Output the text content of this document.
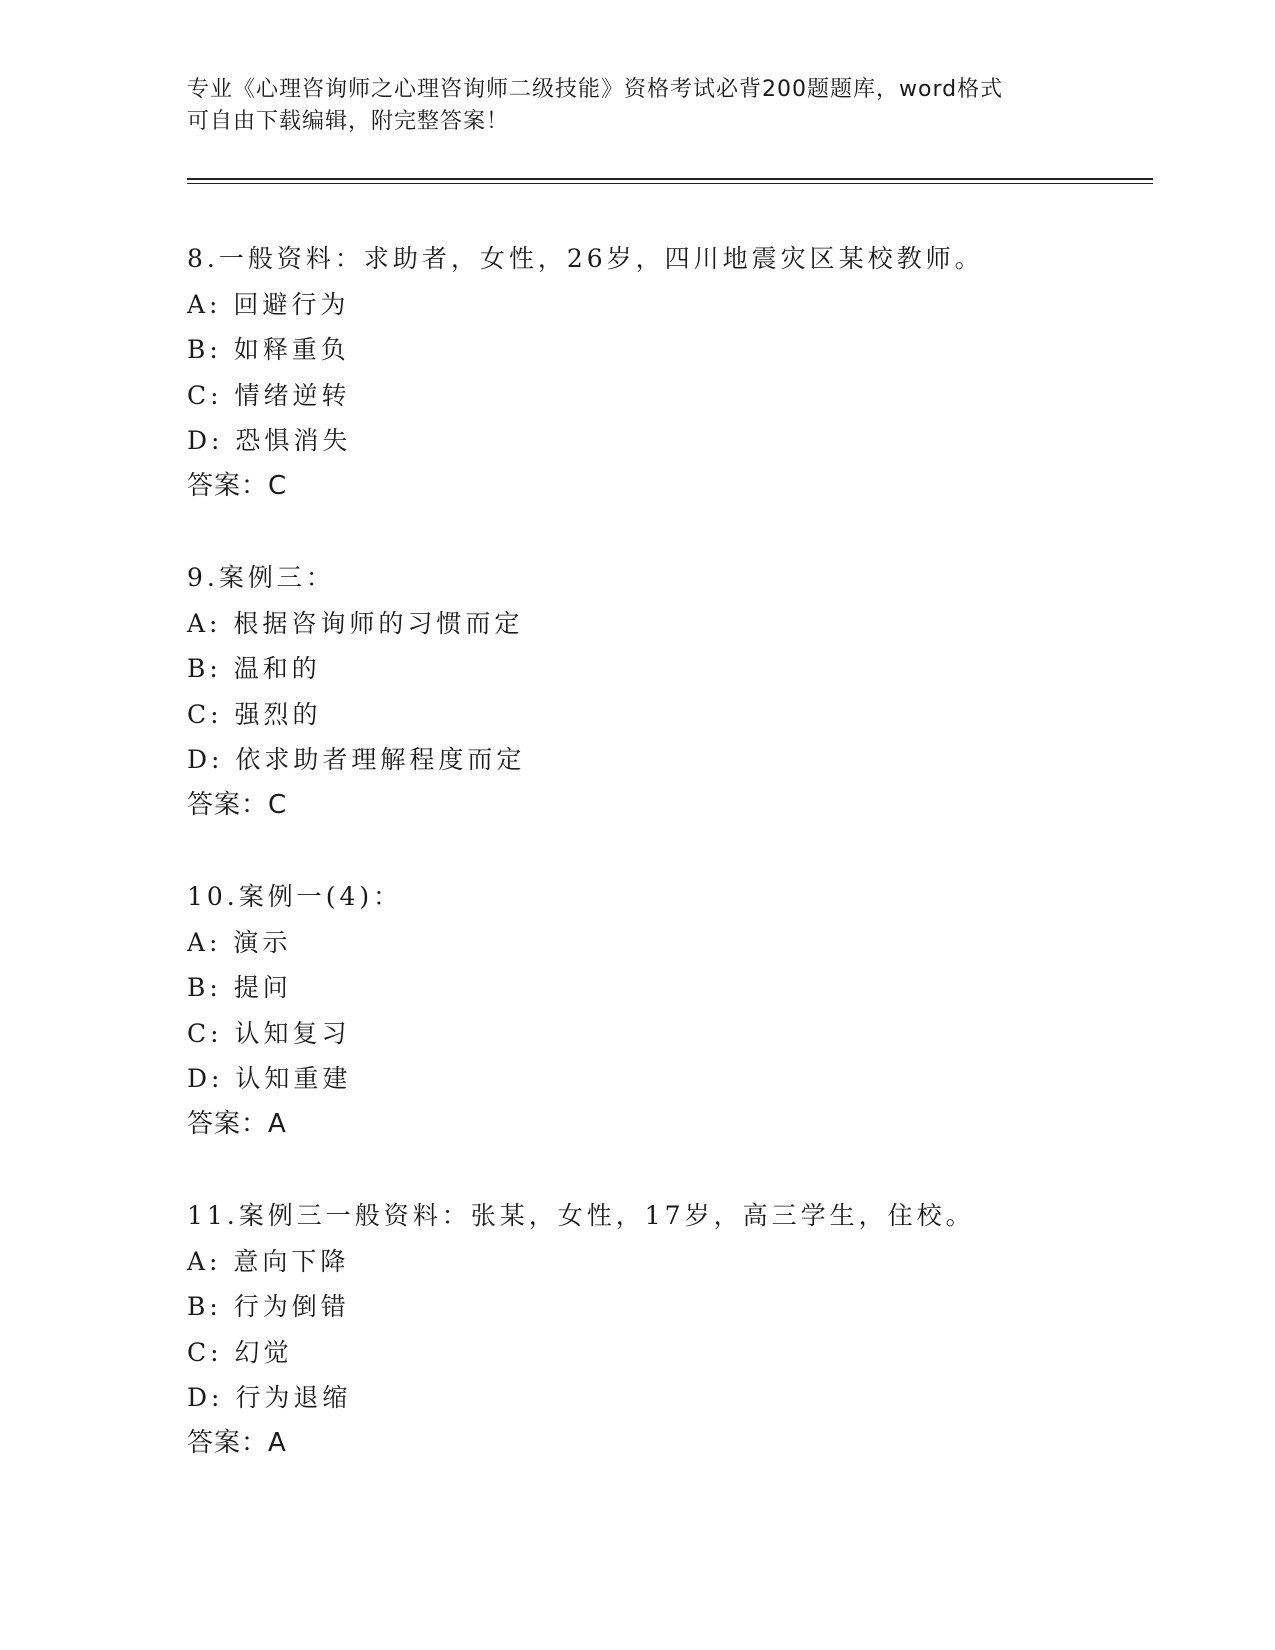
专业《心理咨询师之心理咨询师二级技能》资格考试必背200题题库，word格式
可自由下载编辑，附完整答案！
8.一般资料：求助者，女性，26岁，四川地震灾区某校教师。
A: 回避行为
B: 如释重负
C: 情绪逆转
D: 恐惧消失
答案：C
9.案例三：
A: 根据咨询师的习惯而定
B: 温和的
C: 强烈的
D: 依求助者理解程度而定
答案：C
10.案例一(4)：
A: 演示
B: 提问
C: 认知复习
D: 认知重建
答案：A
11.案例三一般资料：张某，女性，17岁，高三学生，住校。
A: 意向下降
B: 行为倒错
C: 幻觉
D: 行为退缩
答案：A
